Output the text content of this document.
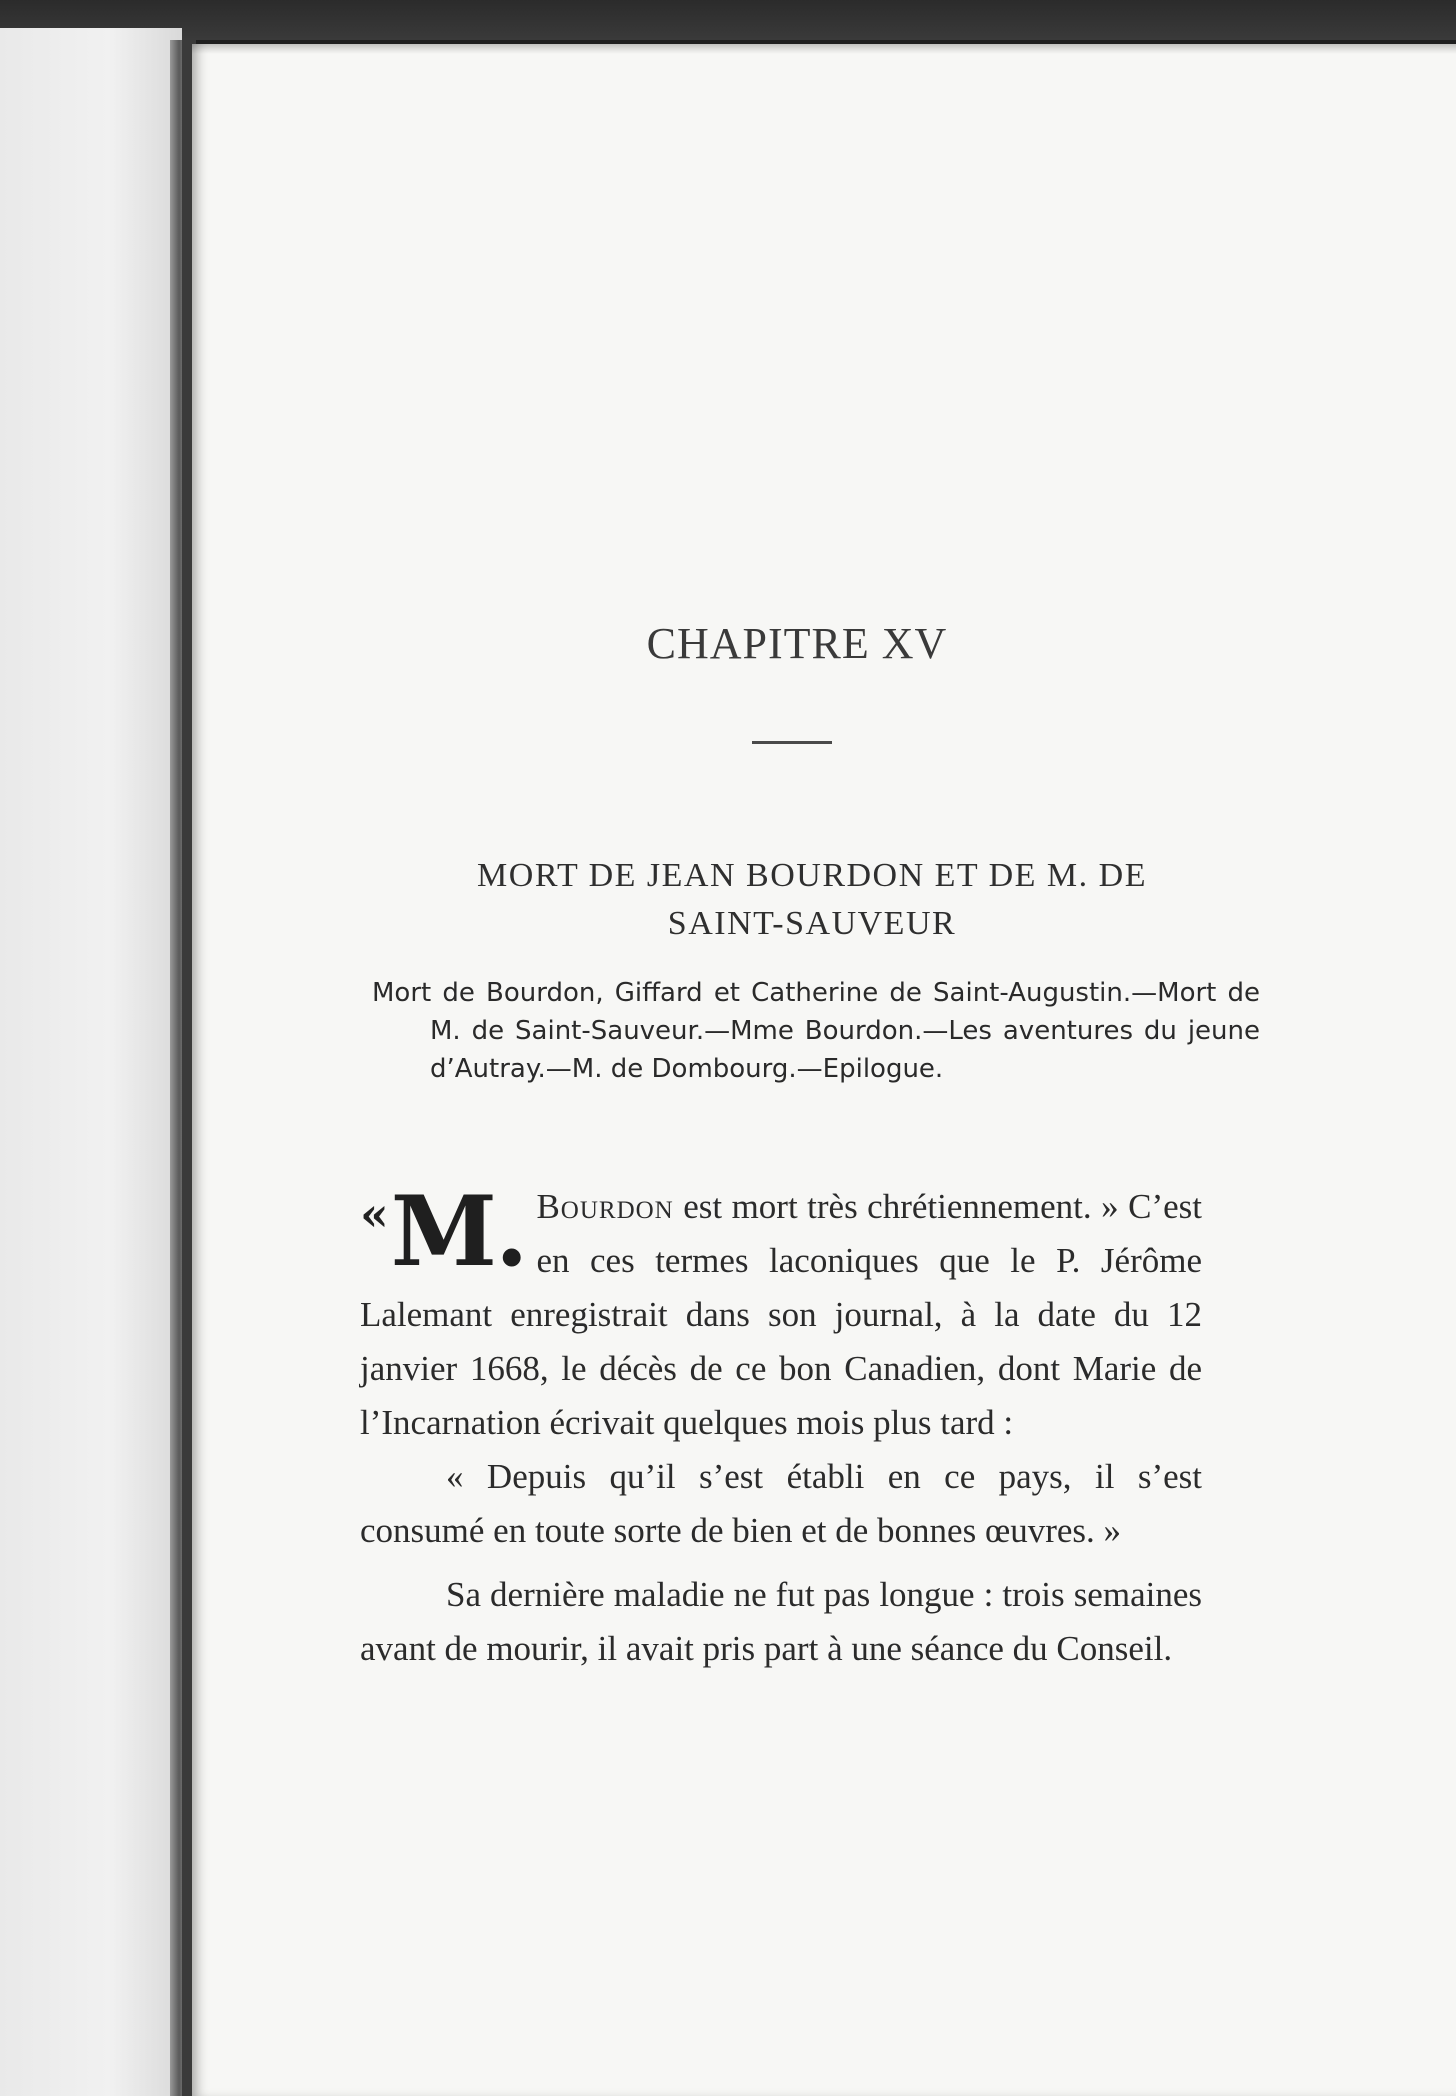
CHAPITRE XV
MORT DE JEAN BOURDON ET DE M. DE
SAINT-SAUVEUR
Mort de Bourdon, Giffard et Catherine de Saint-Augustin.—Mort de M. de Saint-Sauveur.—Mme Bourdon.—Les aventures du jeune d’Autray.—M. de Dombourg.—Epilogue.
« M. Bourdon est mort très chrétiennement. » C’est en ces termes laconiques que le P. Jérôme Lalemant enregistrait dans son journal, à la date du 12 janvier 1668, le décès de ce bon Canadien, dont Marie de l’Incarnation écrivait quelques mois plus tard :
« Depuis qu’il s’est établi en ce pays, il s’est consumé en toute sorte de bien et de bonnes œuvres. »
Sa dernière maladie ne fut pas longue : trois semaines avant de mourir, il avait pris part à une séance du Conseil.
